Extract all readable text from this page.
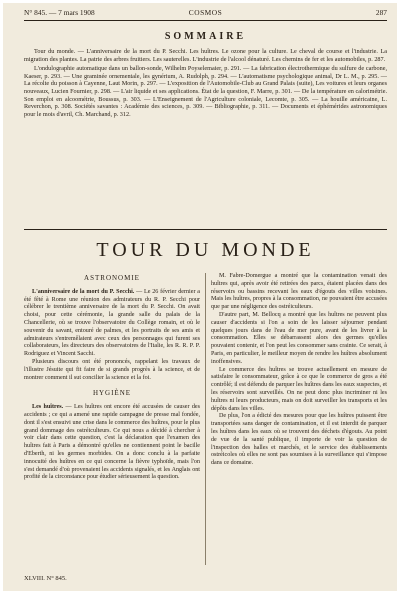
N° 845. — 7 mars 1908	COSMOS	287
SOMMAIRE

Tour du monde. — L'anniversaire de la mort du P. Secchi. Les huîtres. Le ozone pour la culture. Le cheval de course et l'industrie. La migration des plantes. La patrie des arbres fruitiers. Les sauterelles. L'industrie de l'alcool dénaturé. Les chemins de fer et les automobiles, p. 287.

L'ondulographie automatique dans un ballon-sonde, Wilhelm Poyselemaier, p. 291. — La fabrication électrothermique du sulfure de carbone, Kaeser, p. 293. — Une graminée ornementale, les gynérium, A. Rudolph, p. 294. — L'automatisme psychologique animal, Dr L. M., p. 295. — La récolte du poisson à Cayenne, Laut Morin, p. 297. — L'exposition de l'Automobile-Club au Grand Palais (suite), Les voitures et leurs organes nouveaux, Lucien Fournier, p. 298. — L'air liquide et ses applications. État de la question, F. Marre, p. 301. — De la température en calorimétrie. Son emploi en alcoométrie, Boussus, p. 303. — L'Enseignement de l'Agriculture coloniale, Lecomte, p. 305. — La houille américaine, L. Reverchon, p. 308. Sociétés savantes : Académie des sciences, p. 309. — Bibliographie, p. 311. — Documents et éphémérides astronomiques pour le mois d'avril, Ch. Marchand, p. 312.

TOUR DU MONDE
ASTRONOMIE

L'anniversaire de la mort du P. Secchi. — Le 26 février dernier a été fêté à Rome une réunion des admirateurs du R. P. Secchi pour célébrer le trentième anniversaire de la mort du P. Secchi. On avait choisi, pour cette cérémonie, la grande salle du palais de la Chancellerie, où se trouve l'observatoire du Collège romain, et où le souvenir du savant, entouré de palmes, et les portraits de ses amis et admirateurs s'entremêlaient avec ceux des personnages qui furent ses collaborateurs, les directeurs des observatoires de l'Italie, les R. R. P. P. Rodriguez et Vincent Sacchi.

Plusieurs discours ont été prononcés, rappelant les travaux de l'illustre Jésuite qui fit faire de si grands progrès à la science, et de montrer comment il sut concilier la science et la foi.

HYGIÈNE

Les huîtres. — Les huîtres ont encore été accusées de causer des accidents ; ce qui a amené une rapide campagne de presse mal fondée, dont il s'est ensuivi une crise dans le commerce des huîtres, pour le plus grand dommage des ostréiculteurs. Ce qui nous a décidé à chercher à voir clair dans cette question, c'est la déclaration que l'examen des huîtres fait à Paris a démontré qu'elles ne contiennent point le bacille d'Eberth, ni les germes morbides. On a donc conclu à la parfaite innocuité des huîtres en ce qui concerne la fièvre typhoïde, mais l'on s'est demandé d'où provenaient les accidents signalés, et les Anglais ont profité de la circonstance pour étudier sérieusement la question.

M. Fabre-Domergue a montré que la contamination venait des huîtres qui, après avoir été retirées des parcs, étaient placées dans des réservoirs ou bassins recevant les eaux d'égouts des villes voisines. Mais les huîtres, propres à la consommation, ne pouvaient être accusées que par une négligence des ostréiculteurs.

D'autre part, M. Bellocq a montré que les huîtres ne peuvent plus causer d'accidents si l'on a soin de les laisser séjourner pendant quelques jours dans de l'eau de mer pure, avant de les livrer à la consommation. Elles se débarrassent alors des germes qu'elles pouvaient contenir, et l'on peut les consommer sans crainte. Ce serait, à Paris, en particulier, le meilleur moyen de rendre les huîtres absolument inoffensives.

Le commerce des huîtres se trouve actuellement en mesure de satisfaire le consommateur, grâce à ce que le commerce de gros a été contrôlé; il est défendu de parquer les huîtres dans les eaux suspectes, et les réservoirs sont surveillés. On ne peut donc plus incriminer ni les huîtres ni leurs producteurs, mais on doit surveiller les transports et les dépôts dans les villes.

De plus, l'on a édicté des mesures pour que les huîtres puissent être transportées sans danger de contamination, et il est interdit de parquer les huîtres dans les eaux où se trouvent des déchets d'égouts. Au point de vue de la santé publique, il importe de voir la question de l'inspection des halles et marchés, et le service des établissements ostréicoles où elles ne sont pas soumises à la surveillance qui s'impose dans ce domaine.

XLVIII. N° 845.
